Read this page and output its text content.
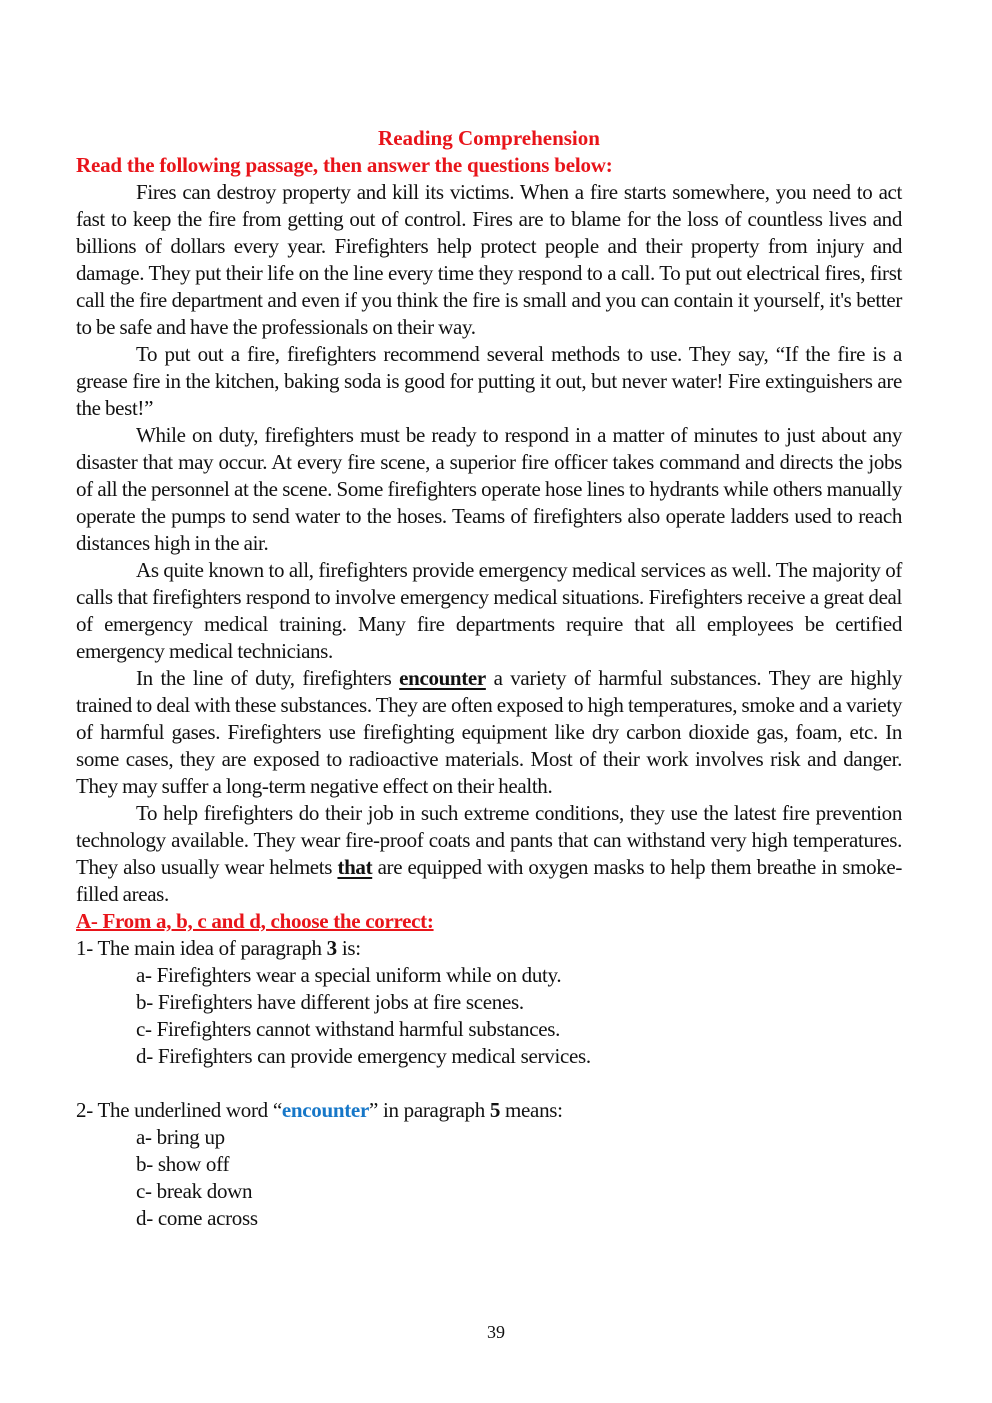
Reading Comprehension
Read the following passage, then answer the questions below:

Fires can destroy property and kill its victims. When a fire starts somewhere, you need to act fast to keep the fire from getting out of control. Fires are to blame for the loss of countless lives and billions of dollars every year. Firefighters help protect people and their property from injury and damage. They put their life on the line every time they respond to a call. To put out electrical fires, first call the fire department and even if you think the fire is small and you can contain it yourself, it's better to be safe and have the professionals on their way.

To put out a fire, firefighters recommend several methods to use. They say, “If the fire is a grease fire in the kitchen, baking soda is good for putting it out, but never water! Fire extinguishers are the best!”

While on duty, firefighters must be ready to respond in a matter of minutes to just about any disaster that may occur. At every fire scene, a superior fire officer takes command and directs the jobs of all the personnel at the scene. Some firefighters operate hose lines to hydrants while others manually operate the pumps to send water to the hoses. Teams of firefighters also operate ladders used to reach distances high in the air.

As quite known to all, firefighters provide emergency medical services as well. The majority of calls that firefighters respond to involve emergency medical situations. Firefighters receive a great deal of emergency medical training. Many fire departments require that all employees be certified emergency medical technicians.

In the line of duty, firefighters encounter a variety of harmful substances. They are highly trained to deal with these substances. They are often exposed to high temperatures, smoke and a variety of harmful gases. Firefighters use firefighting equipment like dry carbon dioxide gas, foam, etc. In some cases, they are exposed to radioactive materials. Most of their work involves risk and danger. They may suffer a long-term negative effect on their health.

To help firefighters do their job in such extreme conditions, they use the latest fire prevention technology available. They wear fire-proof coats and pants that can withstand very high temperatures. They also usually wear helmets that are equipped with oxygen masks to help them breathe in smoke-filled areas.

A- From a, b, c and d, choose the correct:
1- The main idea of paragraph 3 is:
a- Firefighters wear a special uniform while on duty.
b- Firefighters have different jobs at fire scenes.
c- Firefighters cannot withstand harmful substances.
d- Firefighters can provide emergency medical services.
2- The underlined word “encounter” in paragraph 5 means:
a- bring up
b- show off
c- break down
d- come across
39
